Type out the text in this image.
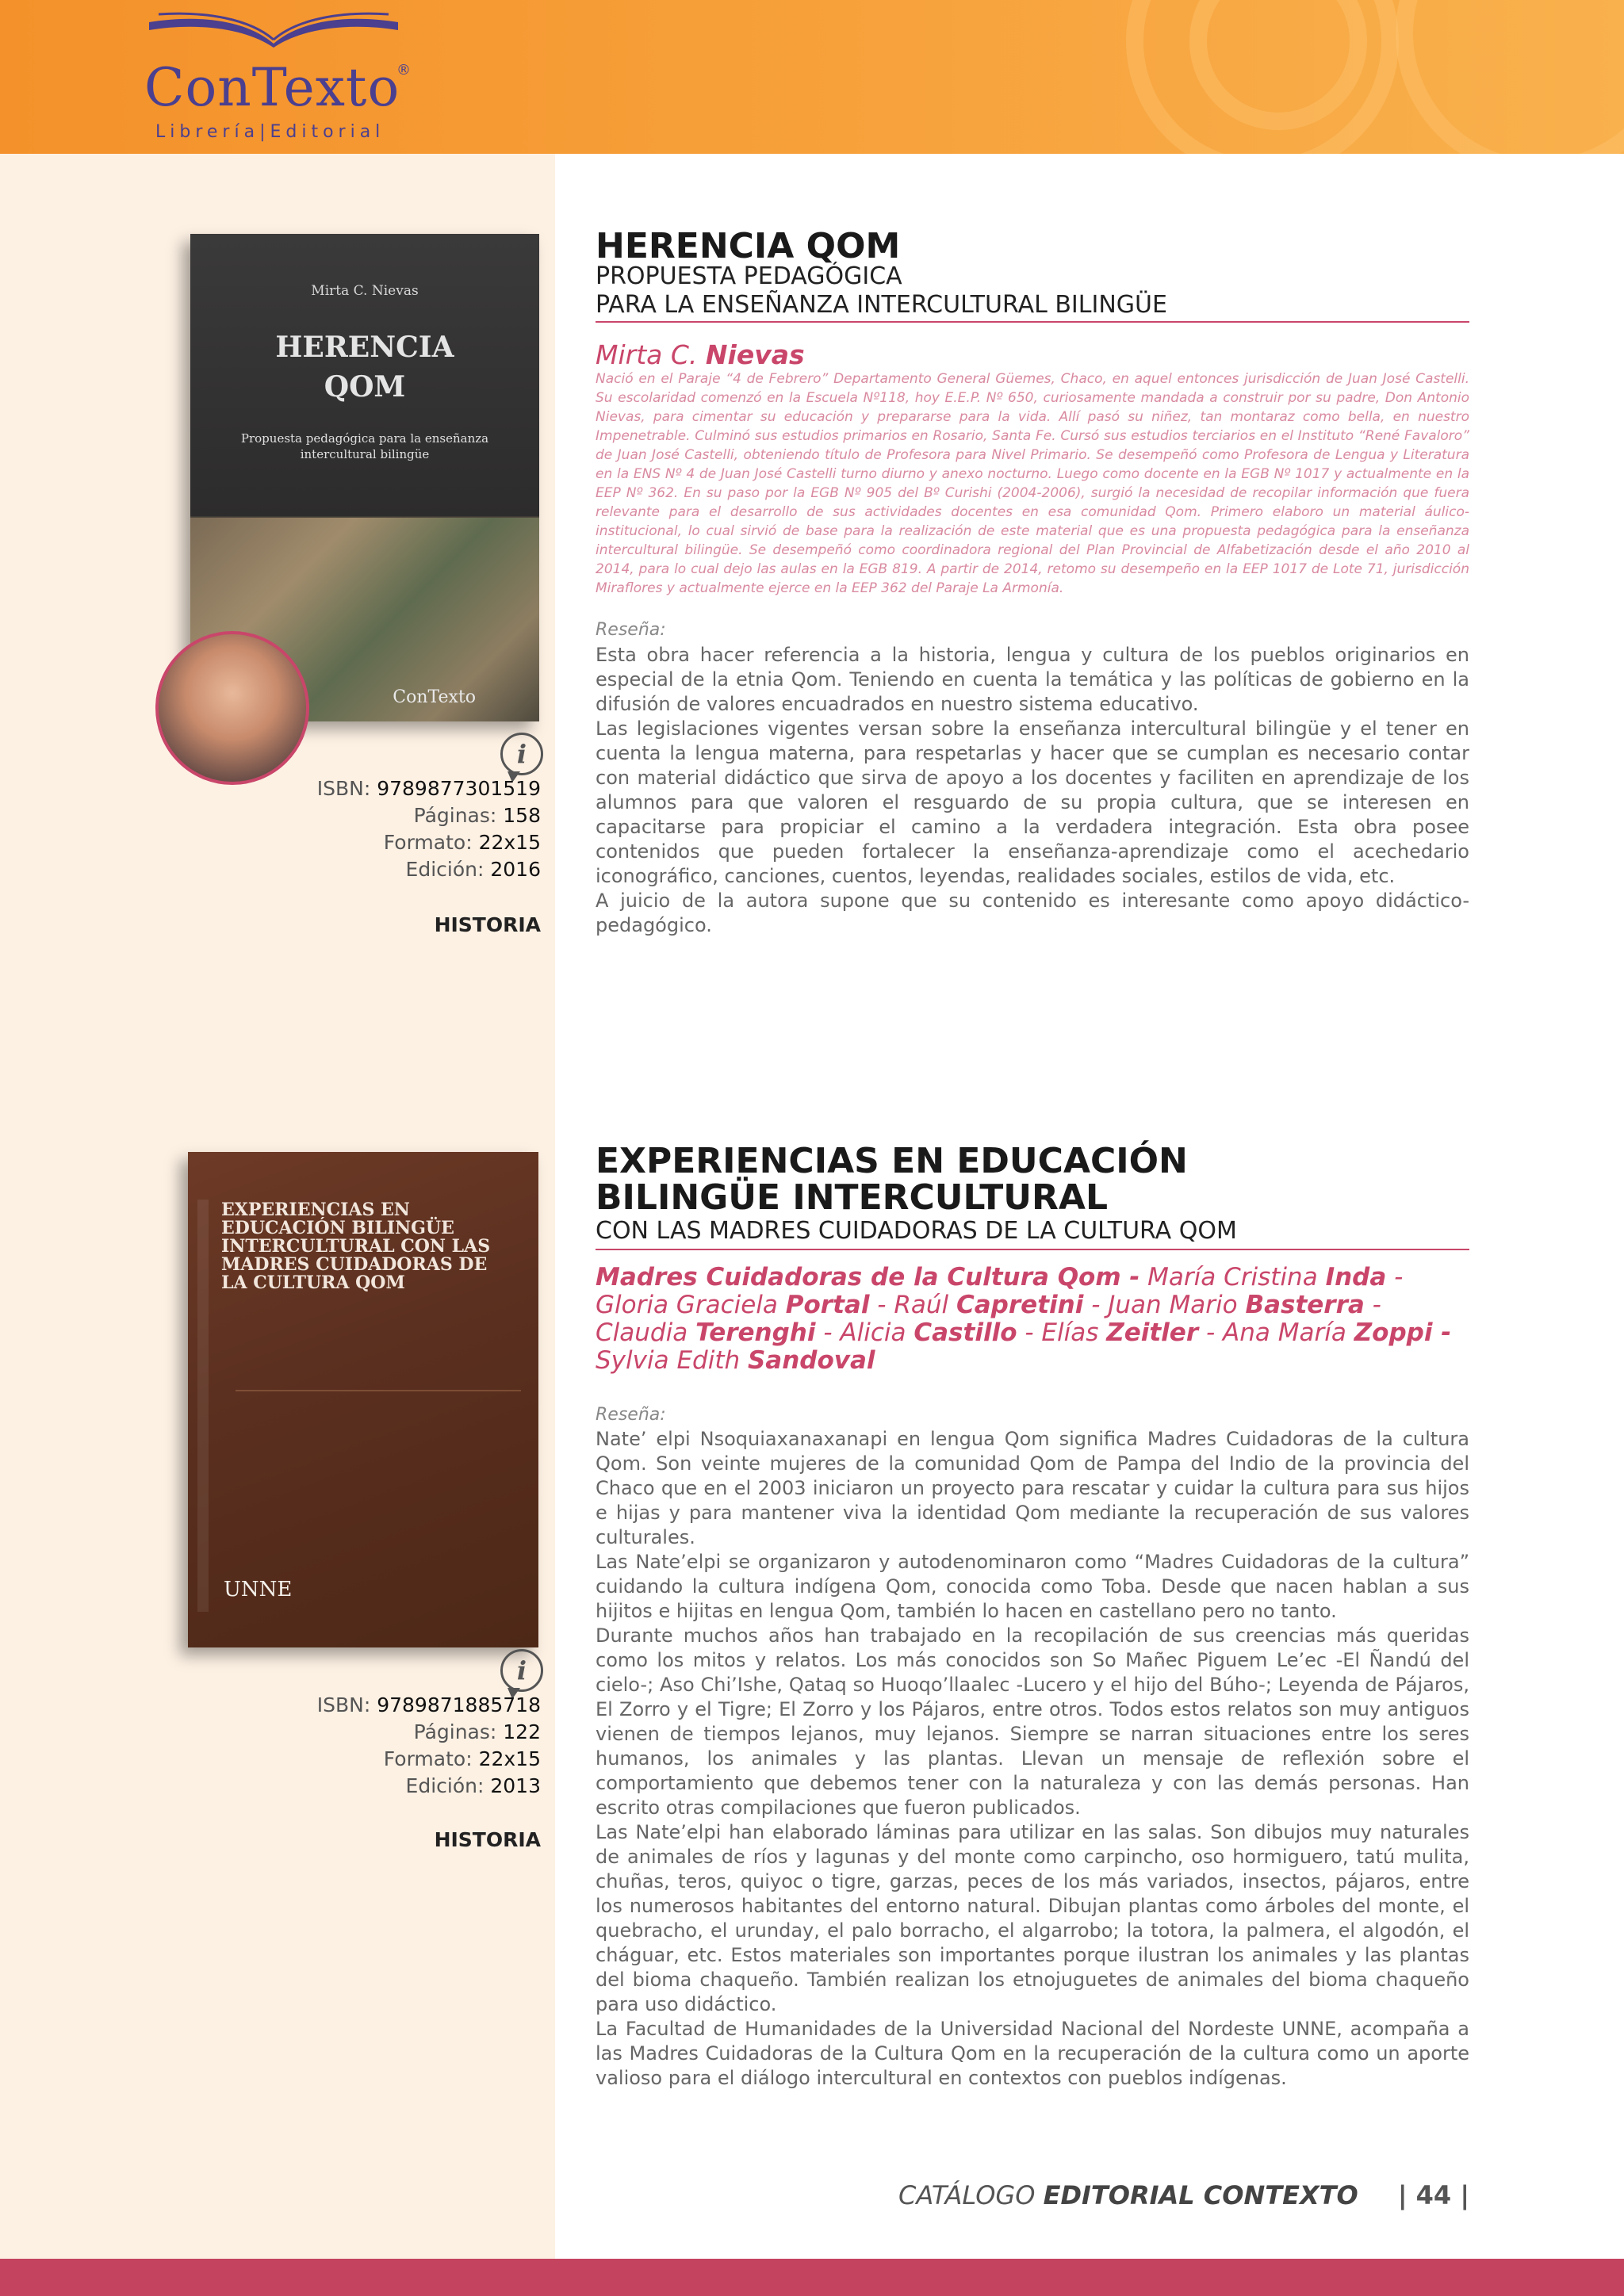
ConTexto
®
Librería|Editorial
Mirta C. Nievas
HERENCIA
QOM
Propuesta pedagógica para la enseñanza intercultural bilingüe
ConTexto
i
ISBN: 9789877301519
Páginas: 158
Formato: 22x15
Edición: 2016
HISTORIA
HERENCIA QOM
PROPUESTA PEDAGÓGICA
PARA LA ENSEÑANZA INTERCULTURAL BILINGÜE
Mirta C. Nievas
Nació en el Paraje “4 de Febrero” Departamento General Güemes, Chaco, en aquel entonces jurisdicción de Juan José Castelli. Su escolaridad comenzó en la Escuela Nº118, hoy E.E.P. Nº 650, curiosamente mandada a construir por su padre, Don Antonio Nievas, para cimentar su educación y prepararse para la vida. Allí pasó su niñez, tan montaraz como bella, en nuestro Impenetrable. Culminó sus estudios primarios en Rosario, Santa Fe. Cursó sus estudios terciarios en el Instituto “René Favaloro” de Juan José Castelli, obteniendo título de Profesora para Nivel Primario. Se desempeñó como Profesora de Lengua y Literatura en la ENS Nº 4 de Juan José Castelli turno diurno y anexo nocturno. Luego como docente en la EGB Nº 1017 y actualmente en la EEP Nº 362. En su paso por la EGB Nº 905 del Bº Curishi (2004-2006), surgió la necesidad de recopilar información que fuera relevante para el desarrollo de sus actividades docentes en esa comunidad Qom. Primero elaboro un material áulico-institucional, lo cual sirvió de base para la realización de este material que es una propuesta pedagógica para la enseñanza intercultural bilingüe. Se desempeñó como coordinadora regional del Plan Provincial de Alfabetización desde el año 2010 al 2014, para lo cual dejo las aulas en la EGB 819. A partir de 2014, retomo su desempeño en la EEP 1017 de Lote 71, jurisdicción Miraflores y actualmente ejerce en la EEP 362 del Paraje La Armonía.
Reseña:

Esta obra hacer referencia a la historia, lengua y cultura de los pueblos originarios en especial de la etnia Qom. Teniendo en cuenta la temática y las políticas de gobierno en la difusión de valores encuadrados en nuestro sistema educativo.

Las legislaciones vigentes versan sobre la enseñanza intercultural bilingüe y el tener en cuenta la lengua materna, para respetarlas y hacer que se cumplan es necesario contar con material didáctico que sirva de apoyo a los docentes y faciliten en aprendizaje de los alumnos para que valoren el resguardo de su propia cultura, que se interesen en capacitarse para propiciar el camino a la verdadera integración. Esta obra posee contenidos que pueden fortalecer la enseñanza-aprendizaje como el acechedario iconográfico, canciones, cuentos, leyendas, realidades sociales, estilos de vida, etc.

A juicio de la autora supone que su contenido es interesante como apoyo didáctico-pedagógico.

EXPERIENCIAS EN EDUCACIÓN BILINGÜE INTERCULTURAL CON LAS MADRES CUIDADORAS DE LA CULTURA QOM
UNNE
i
ISBN: 9789871885718
Páginas: 122
Formato: 22x15
Edición: 2013
HISTORIA
EXPERIENCIAS EN EDUCACIÓN
BILINGÜE INTERCULTURAL
CON LAS MADRES CUIDADORAS DE LA CULTURA QOM
Madres Cuidadoras de la Cultura Qom - María Cristina Inda - Gloria Graciela Portal - Raúl Capretini - Juan Mario Basterra - Claudia Terenghi - Alicia Castillo - Elías Zeitler - Ana María Zoppi - Sylvia Edith Sandoval
Reseña:

Nate’ elpi Nsoquiaxanaxanapi en lengua Qom significa Madres Cuidadoras de la cultura Qom. Son veinte mujeres de la comunidad Qom de Pampa del Indio de la provincia del Chaco que en el 2003 iniciaron un proyecto para rescatar y cuidar la cultura para sus hijos e hijas y para mantener viva la identidad Qom mediante la recuperación de sus valores culturales.

Las Nate’elpi se organizaron y autodenominaron como “Madres Cuidadoras de la cultura” cuidando la cultura indígena Qom, conocida como Toba. Desde que nacen hablan a sus hijitos e hijitas en lengua Qom, también lo hacen en castellano pero no tanto.

Durante muchos años han trabajado en la recopilación de sus creencias más queridas como los mitos y relatos. Los más conocidos son So Mañec Piguem Le’ec -El Ñandú del cielo-; Aso Chi’Ishe, Qataq so Huoqo’llaalec -Lucero y el hijo del Búho-; Leyenda de Pájaros, El Zorro y el Tigre; El Zorro y los Pájaros, entre otros. Todos estos relatos son muy antiguos vienen de tiempos lejanos, muy lejanos. Siempre se narran situaciones entre los seres humanos, los animales y las plantas. Llevan un mensaje de reflexión sobre el comportamiento que debemos tener con la naturaleza y con las demás personas. Han escrito otras compilaciones que fueron publicados.

Las Nate’elpi han elaborado láminas para utilizar en las salas. Son dibujos muy naturales de animales de ríos y lagunas y del monte como carpincho, oso hormiguero, tatú mulita, chuñas, teros, quiyoc o tigre, garzas, peces de los más variados, insectos, pájaros, entre los numerosos habitantes del entorno natural. Dibujan plantas como árboles del monte, el quebracho, el urunday, el palo borracho, el algarrobo; la totora, la palmera, el algodón, el cháguar, etc. Estos materiales son importantes porque ilustran los animales y las plantas del bioma chaqueño. También realizan los etnojuguetes de animales del bioma chaqueño para uso didáctico.

La Facultad de Humanidades de la Universidad Nacional del Nordeste UNNE, acompaña a las Madres Cuidadoras de la Cultura Qom en la recuperación de la cultura como un aporte valioso para el diálogo intercultural en contextos con pueblos indígenas.

CATÁLOGO EDITORIAL CONTEXTO | 44 |
